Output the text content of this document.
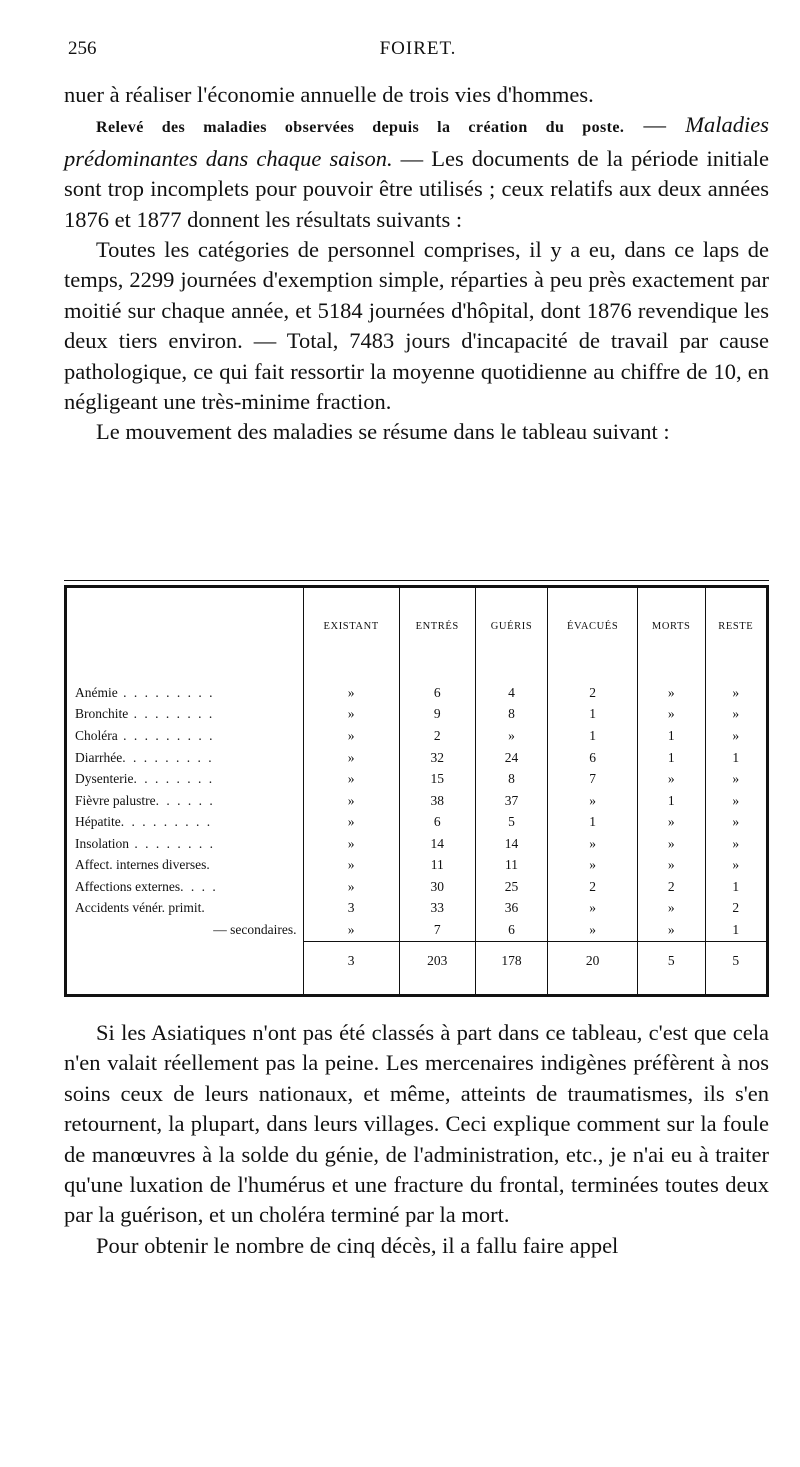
256	FOIRET.

nuer à réaliser l'économie annuelle de trois vies d'hommes.

Relevé des maladies observées depuis la création du poste. — Maladies prédominantes dans chaque saison. — Les documents de la période initiale sont trop incomplets pour pouvoir être utilisés ; ceux relatifs aux deux années 1876 et 1877 donnent les résultats suivants :

Toutes les catégories de personnel comprises, il y a eu, dans ce laps de temps, 2299 journées d'exemption simple, réparties à peu près exactement par moitié sur chaque année, et 5184 journées d'hôpital, dont 1876 revendique les deux tiers environ. — Total, 7483 jours d'incapacité de travail par cause pathologique, ce qui fait ressortir la moyenne quotidienne au chiffre de 10, en négligeant une très-minime fraction.

Le mouvement des maladies se résume dans le tableau suivant :

	EXISTANT	ENTRÉS	GUÉRIS	ÉVACUÉS	MORTS	RESTE

Anémie . . . . . . . . .	»	6	4	2	»	»
Bronchite . . . . . . . .	»	9	8	1	»	»
Choléra . . . . . . . . .	»	2	»	1	1	»
Diarrhée. . . . . . . . .	»	32	24	6	1	1
Dysenterie. . . . . . . .	»	15	8	7	»	»
Fièvre palustre. . . . . .	»	38	37	»	1	»
Hépatite. . . . . . . . .	»	6	5	1	»	»
Insolation . . . . . . . .	»	14	14	»	»	»
Affect. internes diverses.	»	11	11	»	»	»
Affections externes. . . .	»	30	25	2	2	1
Accidents vénér. primit.	3	33	36	»	»	2
— secondaires.	»	7	6	»	»	1
	3	203	178	20	5	5

Si les Asiatiques n'ont pas été classés à part dans ce tableau, c'est que cela n'en valait réellement pas la peine. Les mercenaires indigènes préfèrent à nos soins ceux de leurs nationaux, et même, atteints de traumatismes, ils s'en retournent, la plupart, dans leurs villages. Ceci explique comment sur la foule de manœuvres à la solde du génie, de l'administration, etc., je n'ai eu à traiter qu'une luxation de l'humérus et une fracture du frontal, terminées toutes deux par la guérison, et un choléra terminé par la mort.

Pour obtenir le nombre de cinq décès, il a fallu faire appel
